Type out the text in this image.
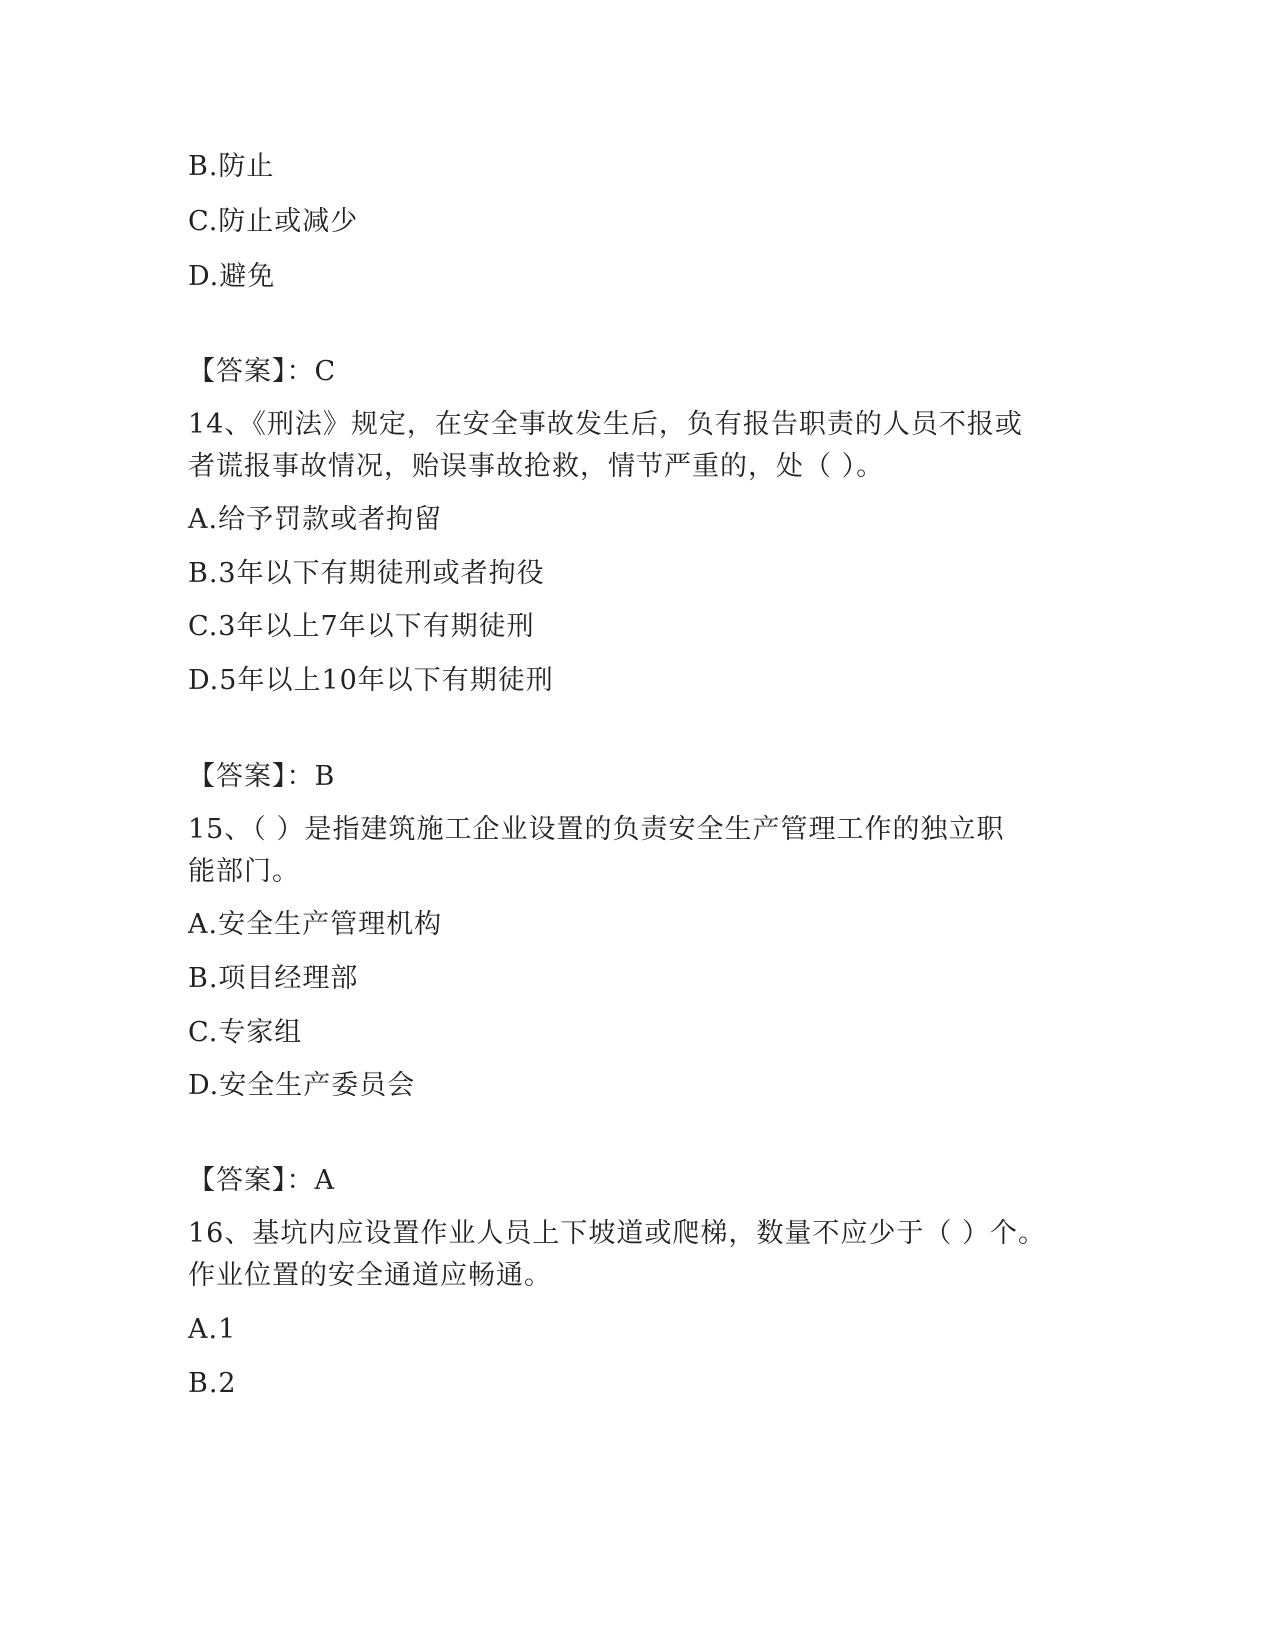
B.防止
C.防止或减少
D.避免
【答案】：C
14、《刑法》规定，在安全事故发生后，负有报告职责的人员不报或
者谎报事故情况，贻误事故抢救，情节严重的，处（ ）。
A.给予罚款或者拘留
B.3年以下有期徒刑或者拘役
C.3年以上7年以下有期徒刑
D.5年以上10年以下有期徒刑
【答案】：B
15、（ ）是指建筑施工企业设置的负责安全生产管理工作的独立职
能部门。
A.安全生产管理机构
B.项目经理部
C.专家组
D.安全生产委员会
【答案】：A
16、基坑内应设置作业人员上下坡道或爬梯，数量不应少于（ ）个。
作业位置的安全通道应畅通。
A.1
B.2
